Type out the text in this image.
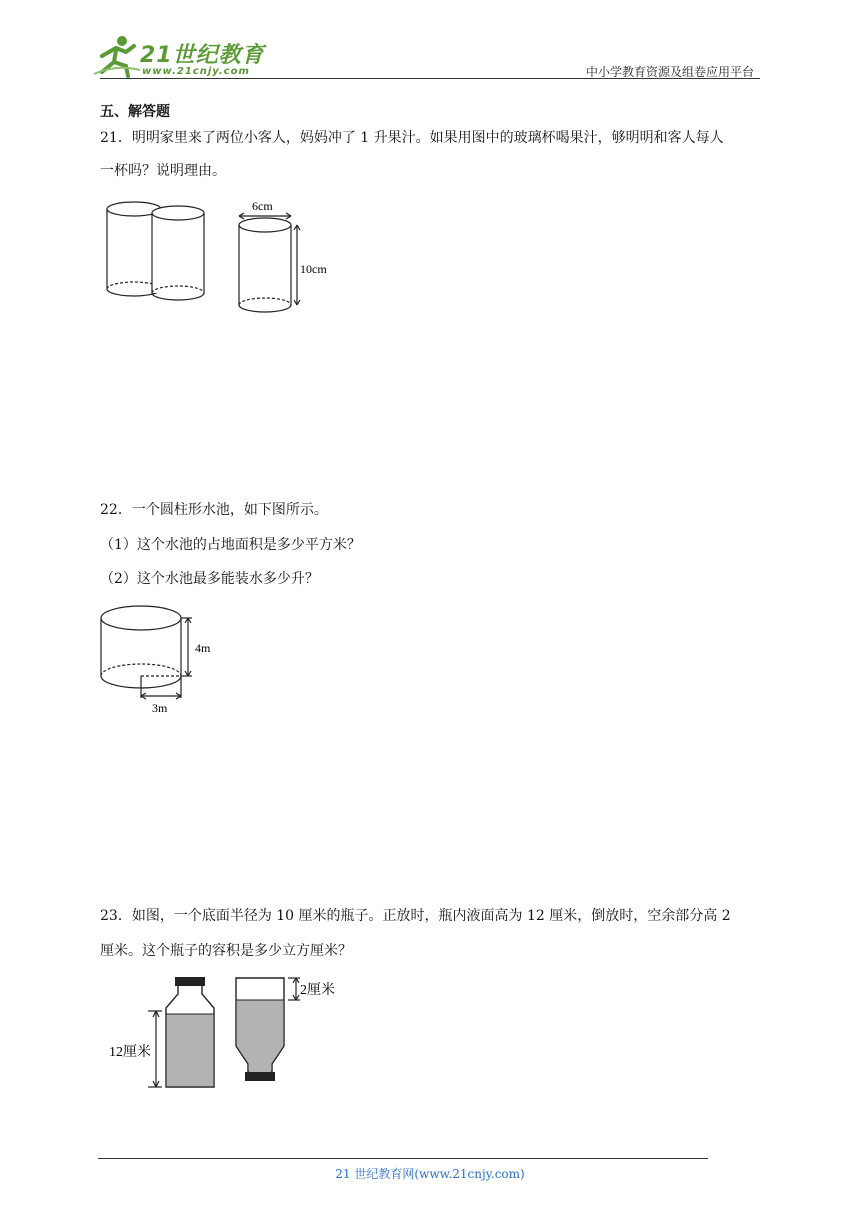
21世纪教育
www.21cnjy.com	中小学教育资源及组卷应用平台
五、解答题
21．明明家里来了两位小客人，妈妈冲了 1 升果汁。如果用图中的玻璃杯喝果汁，够明明和客人每人
一杯吗？说明理由。
6cm
10cm
22．一个圆柱形水池，如下图所示。
（1）这个水池的占地面积是多少平方米？
（2）这个水池最多能装水多少升？
4m
3m
23．如图，一个底面半径为 10 厘米的瓶子。正放时，瓶内液面高为 12 厘米，倒放时，空余部分高 2
厘米。这个瓶子的容积是多少立方厘米？
12厘米
2厘米
21 世纪教育网(www.21cnjy.com)
